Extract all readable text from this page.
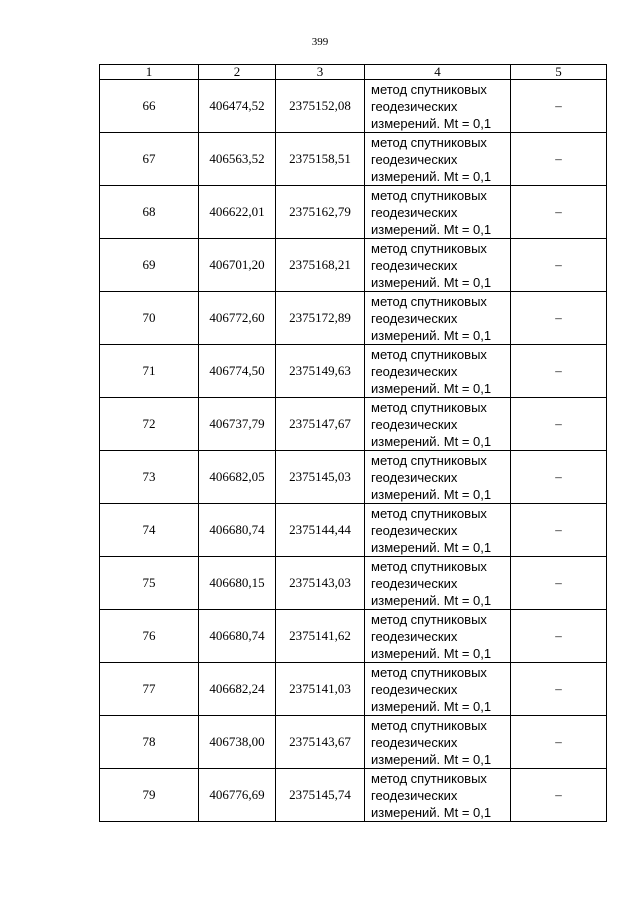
399
1	2	3	4	5
66	406474,52	2375152,08	метод спутниковых
геодезических
измерений. Mt = 0,1	–
67	406563,52	2375158,51	метод спутниковых
геодезических
измерений. Mt = 0,1	–
68	406622,01	2375162,79	метод спутниковых
геодезических
измерений. Mt = 0,1	–
69	406701,20	2375168,21	метод спутниковых
геодезических
измерений. Mt = 0,1	–
70	406772,60	2375172,89	метод спутниковых
геодезических
измерений. Mt = 0,1	–
71	406774,50	2375149,63	метод спутниковых
геодезических
измерений. Mt = 0,1	–
72	406737,79	2375147,67	метод спутниковых
геодезических
измерений. Mt = 0,1	–
73	406682,05	2375145,03	метод спутниковых
геодезических
измерений. Mt = 0,1	–
74	406680,74	2375144,44	метод спутниковых
геодезических
измерений. Mt = 0,1	–
75	406680,15	2375143,03	метод спутниковых
геодезических
измерений. Mt = 0,1	–
76	406680,74	2375141,62	метод спутниковых
геодезических
измерений. Mt = 0,1	–
77	406682,24	2375141,03	метод спутниковых
геодезических
измерений. Mt = 0,1	–
78	406738,00	2375143,67	метод спутниковых
геодезических
измерений. Mt = 0,1	–
79	406776,69	2375145,74	метод спутниковых
геодезических
измерений. Mt = 0,1	–
